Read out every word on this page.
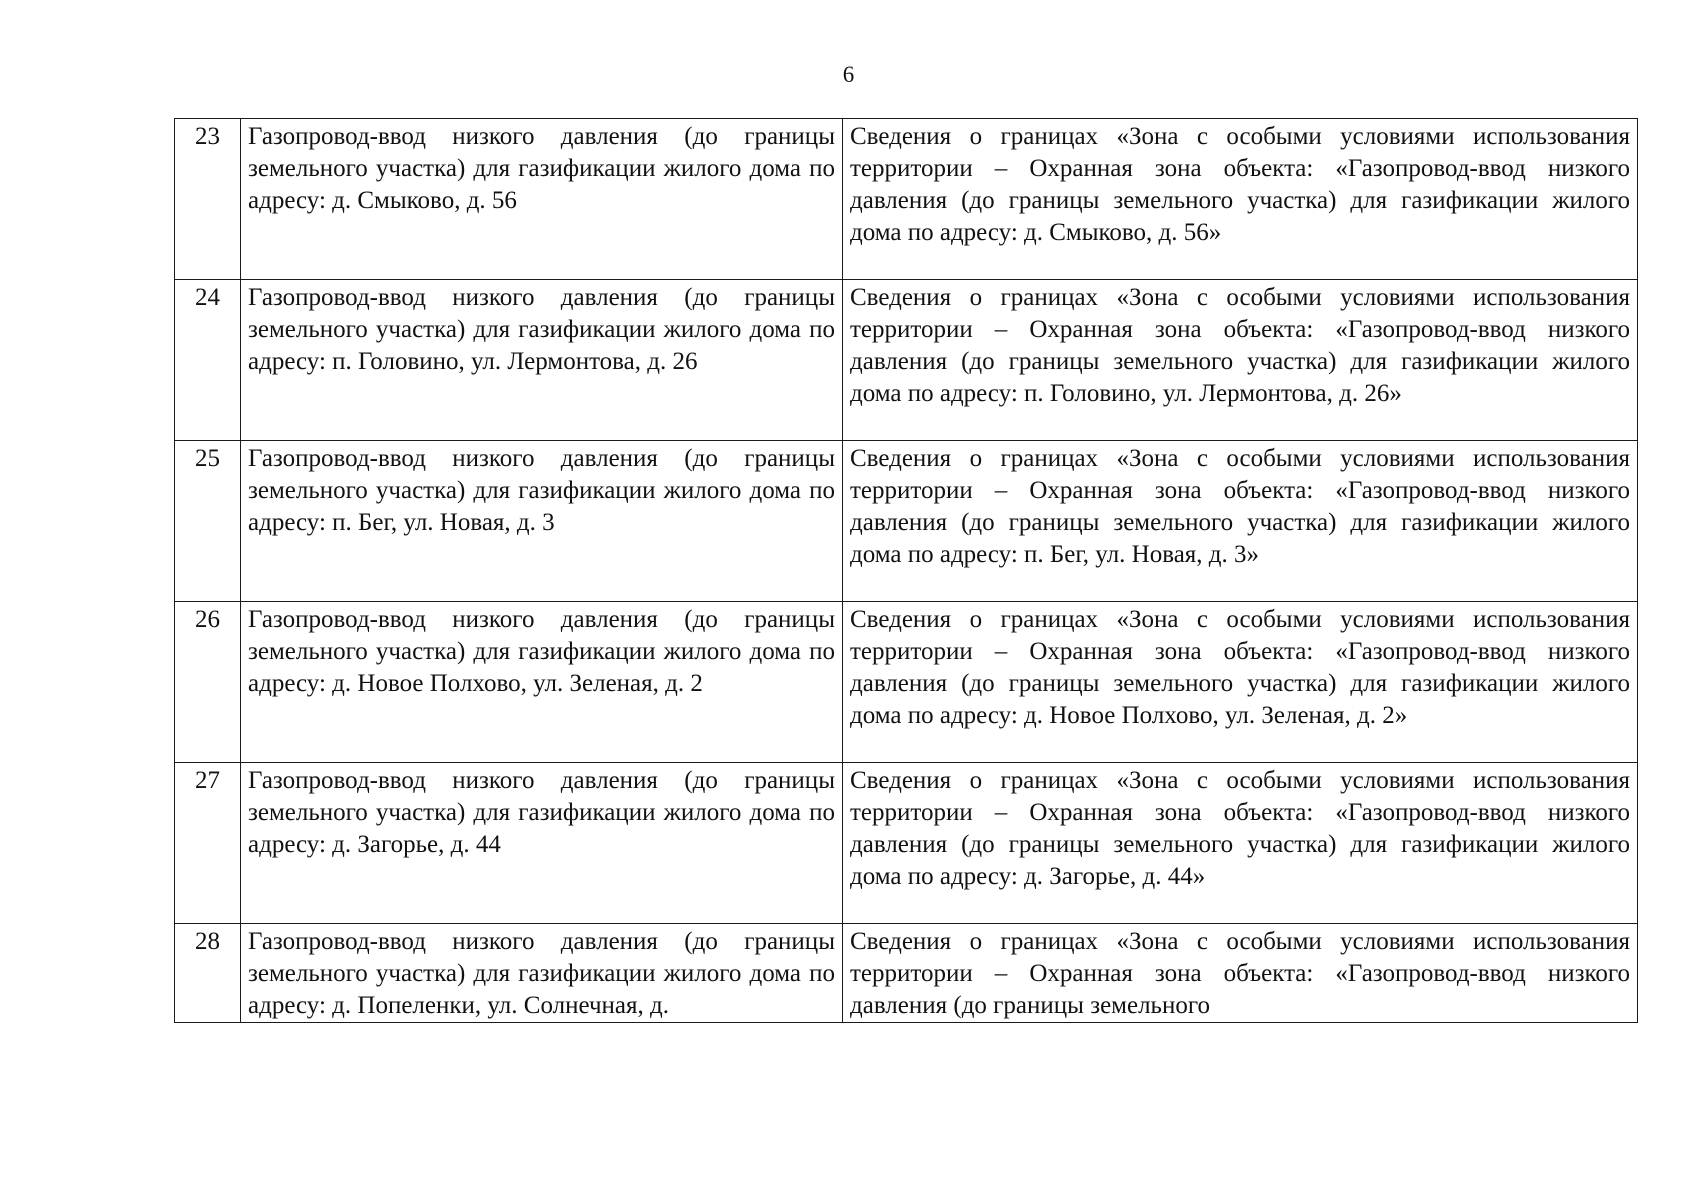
6
23	Газопровод-ввод низкого давления (до границы земельного участка) для газификации жилого дома по адресу: д. Смыково, д. 56	Сведения о границах «Зона с особыми условиями использования территории – Охранная зона объекта: «Газопровод-ввод низкого давления (до границы земельного участка) для газификации жилого дома по адресу: д. Смыково, д. 56»
24	Газопровод-ввод низкого давления (до границы земельного участка) для газификации жилого дома по адресу: п. Головино, ул. Лермонтова, д. 26	Сведения о границах «Зона с особыми условиями использования территории – Охранная зона объекта: «Газопровод-ввод низкого давления (до границы земельного участка) для газификации жилого дома по адресу: п. Головино, ул. Лермонтова, д. 26»
25	Газопровод-ввод низкого давления (до границы земельного участка) для газификации жилого дома по адресу: п. Бег, ул. Новая, д. 3	Сведения о границах «Зона с особыми условиями использования территории – Охранная зона объекта: «Газопровод-ввод низкого давления (до границы земельного участка) для газификации жилого дома по адресу: п. Бег, ул. Новая, д. 3»
26	Газопровод-ввод низкого давления (до границы земельного участка) для газификации жилого дома по адресу: д. Новое Полхово, ул. Зеленая, д. 2	Сведения о границах «Зона с особыми условиями использования территории – Охранная зона объекта: «Газопровод-ввод низкого давления (до границы земельного участка) для газификации жилого дома по адресу: д. Новое Полхово, ул. Зеленая, д. 2»
27	Газопровод-ввод низкого давления (до границы земельного участка) для газификации жилого дома по адресу: д. Загорье, д. 44	Сведения о границах «Зона с особыми условиями использования территории – Охранная зона объекта: «Газопровод-ввод низкого давления (до границы земельного участка) для газификации жилого дома по адресу: д. Загорье, д. 44»

28	Газопровод-ввод низкого давления (до границы земельного участка) для газификации жилого дома по адресу: д. Попеленки, ул. Солнечная, д.	Сведения о границах «Зона с особыми условиями использования территории – Охранная зона объекта: «Газопровод-ввод низкого давления (до границы земельного
